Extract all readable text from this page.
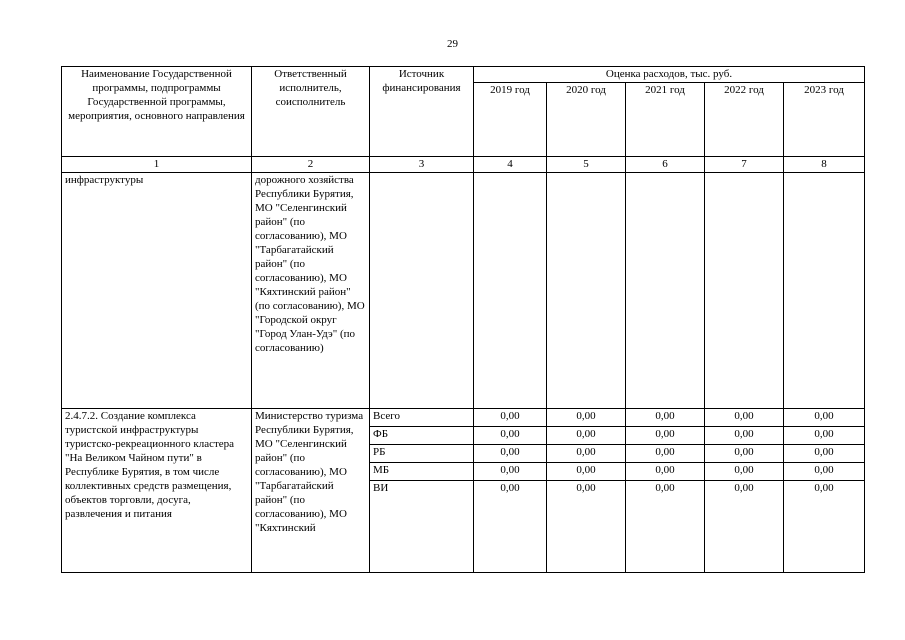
29
Наименование Государственной программы, подпрограммы Государственной программы, мероприятия, основного направления	Ответственный исполнитель, соисполнитель	Источник финансирования	Оценка расходов, тыс. руб.				
			2019 год	2020 год	2021 год	2022 год	2023 год
1	2	3	4	5	6	7	8
инфраструктуры	дорожного хозяйства Республики Бурятия, МО "Селенгинский район" (по согласованию), МО "Тарбагатайский район" (по согласованию), МО "Кяхтинский район" (по согласованию), МО "Городской округ "Город Улан-Удэ" (по согласованию)						
2.4.7.2. Создание комплекса туристской инфраструктуры туристско-рекреационного кластера "На Великом Чайном пути" в Республике Бурятия, в том числе коллективных средств размещения, объектов торговли, досуга, развлечения и питания	Министерство туризма Республики Бурятия, МО "Селенгинский район" (по согласованию), МО "Тарбагатайский район" (по согласованию), МО "Кяхтинский	Всего	0,00	0,00	0,00	0,00	0,00
		ФБ	0,00	0,00	0,00	0,00	0,00
		РБ	0,00	0,00	0,00	0,00	0,00
		МБ	0,00	0,00	0,00	0,00	0,00
		ВИ	0,00	0,00	0,00	0,00	0,00
